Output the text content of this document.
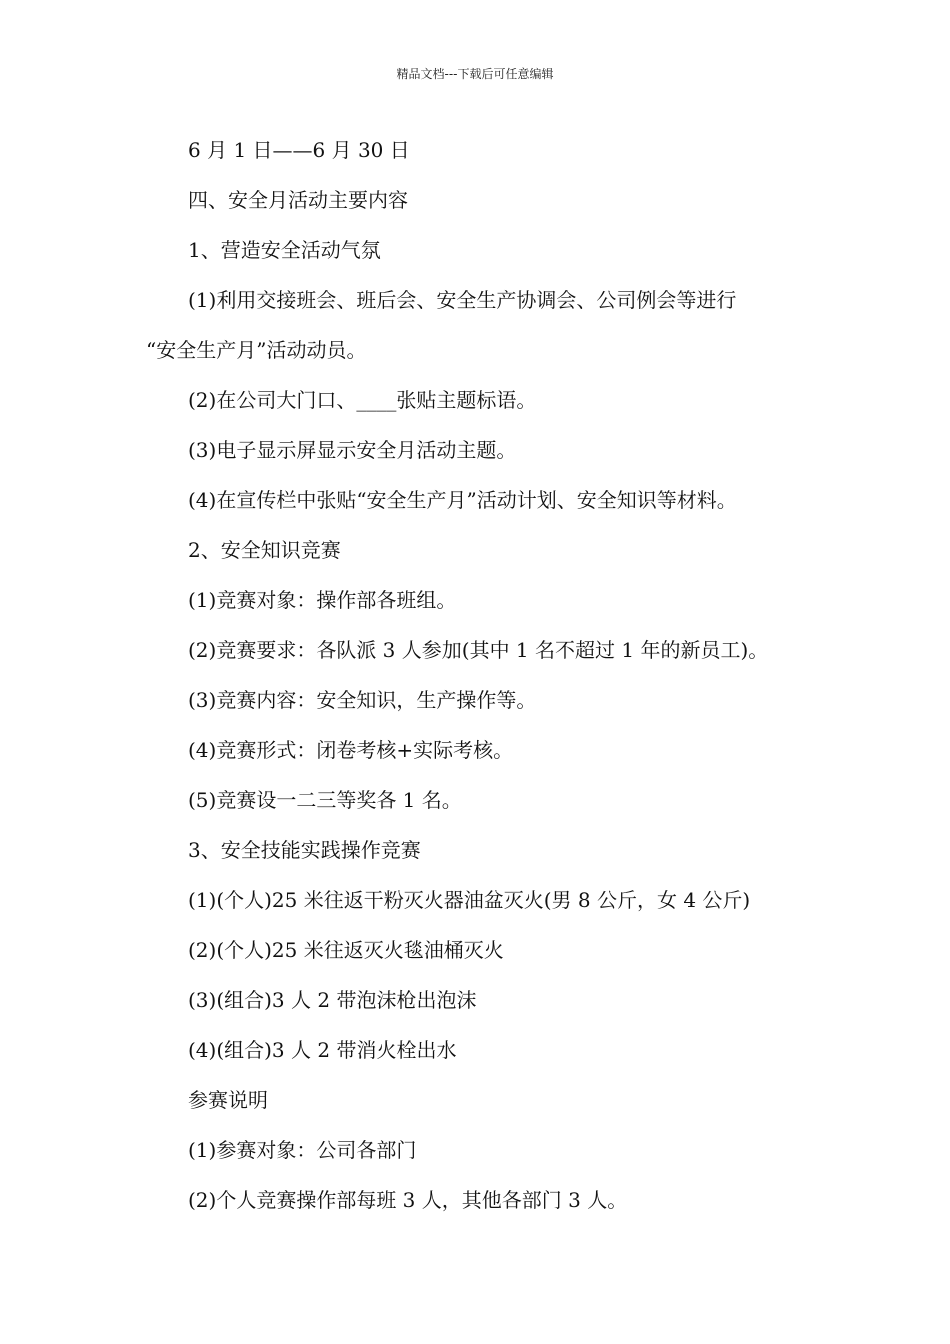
精品文档---下载后可任意编辑
6 月 1 日——6 月 30 日
四、安全月活动主要内容
1、营造安全活动气氛
(1)利用交接班会、班后会、安全生产协调会、公司例会等进行
“安全生产月”活动动员。
(2)在公司大门口、____张贴主题标语。
(3)电子显示屏显示安全月活动主题。
(4)在宣传栏中张贴“安全生产月”活动计划、安全知识等材料。
2、安全知识竞赛
(1)竞赛对象：操作部各班组。
(2)竞赛要求：各队派 3 人参加(其中 1 名不超过 1 年的新员工)。
(3)竞赛内容：安全知识，生产操作等。
(4)竞赛形式：闭卷考核+实际考核。
(5)竞赛设一二三等奖各 1 名。
3、安全技能实践操作竞赛
(1)(个人)25 米往返干粉灭火器油盆灭火(男 8 公斤，女 4 公斤)
(2)(个人)25 米往返灭火毯油桶灭火
(3)(组合)3 人 2 带泡沫枪出泡沫
(4)(组合)3 人 2 带消火栓出水
参赛说明
(1)参赛对象：公司各部门
(2)个人竞赛操作部每班 3 人，其他各部门 3 人。
